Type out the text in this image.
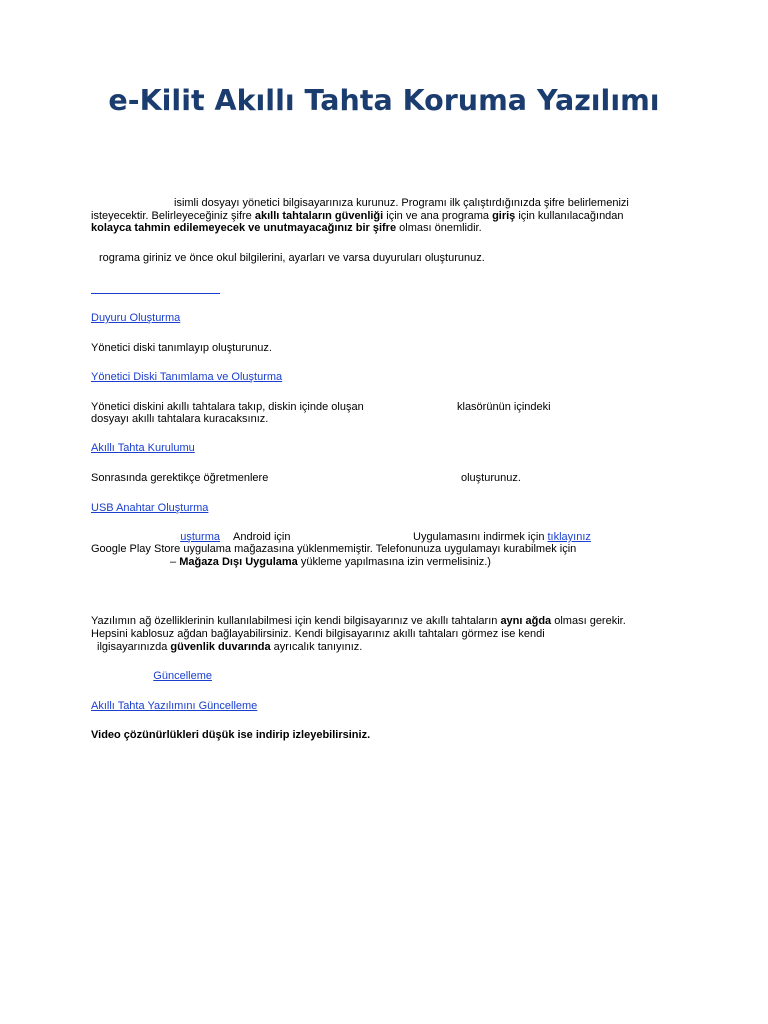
e-Kilit Akıllı Tahta Koruma Yazılımı
isimli dosyayı yönetici bilgisayarınıza kurunuz. Programı ilk çalıştırdığınızda şifre belirlemenizi
isteyecektir. Belirleyeceğiniz şifre akıllı tahtaların güvenliği için ve ana programa giriş için kullanılacağından
kolayca tahmin edilemeyecek ve unutmayacağınız bir şifre olması önemlidir.
rograma giriniz ve önce okul bilgilerini, ayarları ve varsa duyuruları oluşturunuz.
Duyuru Oluşturma
Yönetici diski tanımlayıp oluşturunuz.
Yönetici Diski Tanımlama ve Oluşturma
Yönetici diskini akıllı tahtalara takıp, diskin içinde oluşan	klasörünün içindeki
dosyayı akıllı tahtalara kuracaksınız.
Akıllı Tahta Kurulumu
Sonrasında gerektikçe öğretmenlere	oluşturunuz.
USB Anahtar Oluşturma
uşturma Android için	Uygulamasını indirmek için tıklayınız
Google Play Store uygulama mağazasına yüklenmemiştir. Telefonunuza uygulamayı kurabilmek için
– Mağaza Dışı Uygulama yükleme yapılmasına izin vermelisiniz.)
Yazılımın ağ özelliklerinin kullanılabilmesi için kendi bilgisayarınız ve akıllı tahtaların aynı ağda olması gerekir.
Hepsini kablosuz ağdan bağlayabilirsiniz. Kendi bilgisayarınız akıllı tahtaları görmez ise kendi
ilgisayarınızda güvenlik duvarında ayrıcalık tanıyınız.
Güncelleme
Akıllı Tahta Yazılımını Güncelleme
Video çözünürlükleri düşük ise indirip izleyebilirsiniz.
